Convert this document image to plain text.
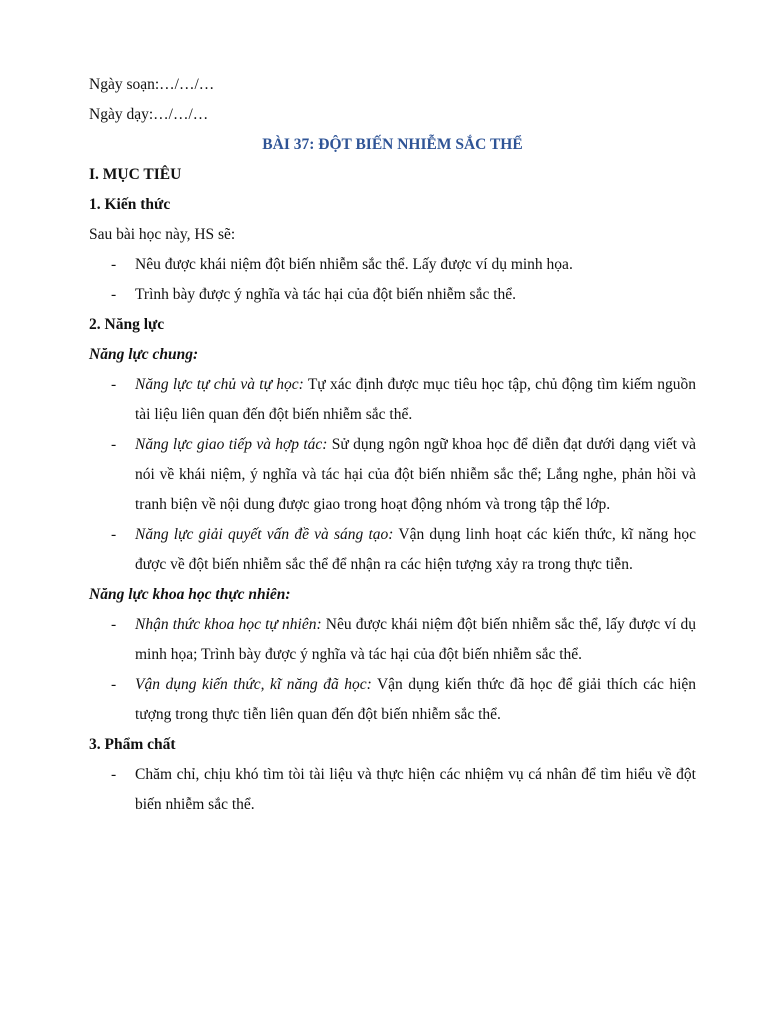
Ngày soạn:…/…/…

Ngày dạy:…/…/…

BÀI 37: ĐỘT BIẾN NHIỄM SẮC THỂ

I. MỤC TIÊU

1. Kiến thức

Sau bài học này, HS sẽ:

- Nêu được khái niệm đột biến nhiễm sắc thể. Lấy được ví dụ minh họa.
- Trình bày được ý nghĩa và tác hại của đột biến nhiễm sắc thể.

2. Năng lực

Năng lực chung:

- Năng lực tự chủ và tự học: Tự xác định được mục tiêu học tập, chủ động tìm kiếm nguồn tài liệu liên quan đến đột biến nhiễm sắc thể.
- Năng lực giao tiếp và hợp tác: Sử dụng ngôn ngữ khoa học để diễn đạt dưới dạng viết và nói về khái niệm, ý nghĩa và tác hại của đột biến nhiễm sắc thể; Lắng nghe, phản hồi và tranh biện về nội dung được giao trong hoạt động nhóm và trong tập thể lớp.
- Năng lực giải quyết vấn đề và sáng tạo: Vận dụng linh hoạt các kiến thức, kĩ năng học được về đột biến nhiễm sắc thể để nhận ra các hiện tượng xảy ra trong thực tiễn.

Năng lực khoa học thực nhiên:

- Nhận thức khoa học tự nhiên: Nêu được khái niệm đột biến nhiễm sắc thể, lấy được ví dụ minh họa; Trình bày được ý nghĩa và tác hại của đột biến nhiễm sắc thể.
- Vận dụng kiến thức, kĩ năng đã học: Vận dụng kiến thức đã học để giải thích các hiện tượng trong thực tiễn liên quan đến đột biến nhiễm sắc thể.

3. Phẩm chất

- Chăm chỉ, chịu khó tìm tòi tài liệu và thực hiện các nhiệm vụ cá nhân để tìm hiểu về đột biến nhiễm sắc thể.
